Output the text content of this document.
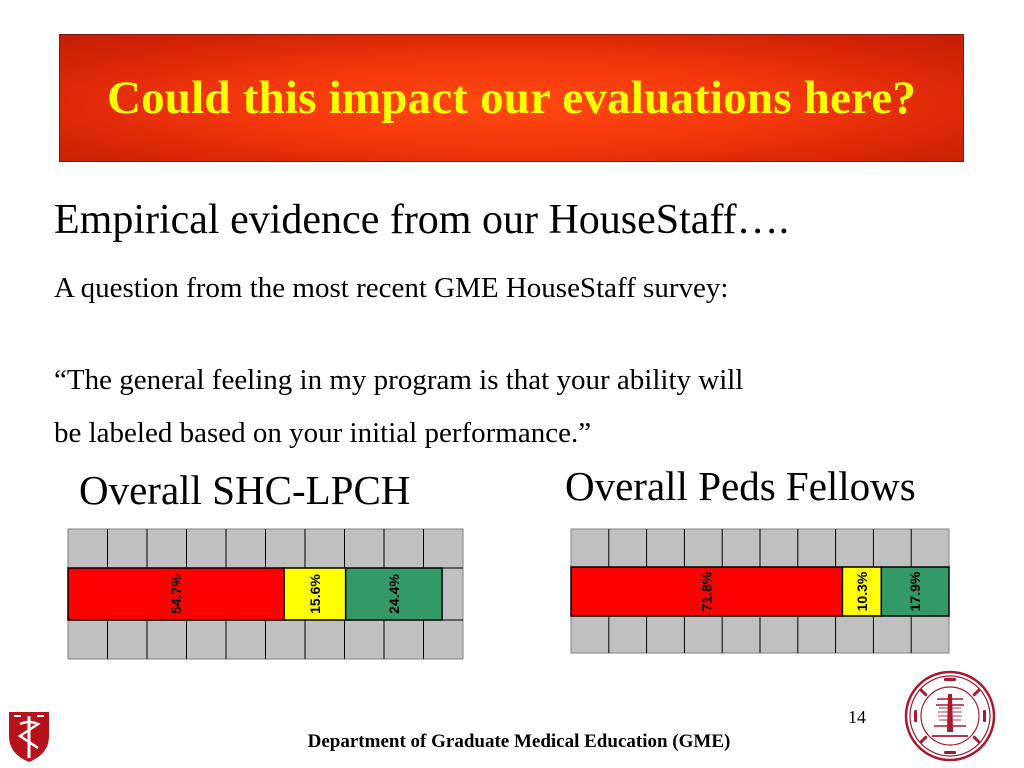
Could this impact our evaluations here?
Empirical evidence from our HouseStaff….
A question from the most recent GME HouseStaff survey:
“The general feeling in my program is that your ability will
be labeled based on your initial performance.”
Overall SHC-LPCH	Overall Peds Fellows
54.7%	15.6%	24.4%	71.8%	10.3%	17.9%
14
Department of Graduate Medical Education (GME)
